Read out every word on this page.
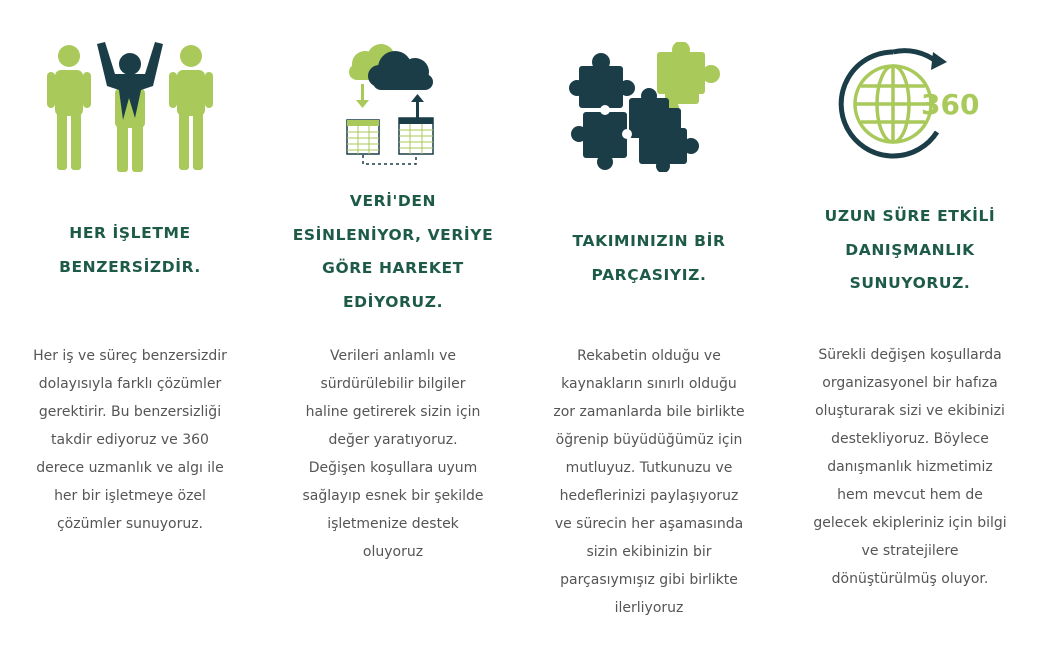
HER İŞLETME
BENZERSİZDİR.

Her iş ve süreç benzersizdir
dolayısıyla farklı çözümler
gerektirir. Bu benzersizliği
takdir ediyoruz ve 360
derece uzmanlık ve algı ile
her bir işletmeye özel
çözümler sunuyoruz.

VERİ'DEN
ESİNLENİYOR, VERİYE
GÖRE HAREKET
EDİYORUZ.

Verileri anlamlı ve
sürdürülebilir bilgiler
haline getirerek sizin için
değer yaratıyoruz.
Değişen koşullara uyum
sağlayıp esnek bir şekilde
işletmenize destek
oluyoruz

TAKIMINIZIN BİR
PARÇASIYIZ.

Rekabetin olduğu ve
kaynakların sınırlı olduğu
zor zamanlarda bile birlikte
öğrenip büyüdüğümüz için
mutluyuz. Tutkunuzu ve
hedeflerinizi paylaşıyoruz
ve sürecin her aşamasında
sizin ekibinizin bir
parçasıymışız gibi birlikte
ilerliyoruz

360
UZUN SÜRE ETKİLİ
DANIŞMANLIK
SUNUYORUZ.

Sürekli değişen koşullarda
organizasyonel bir hafıza
oluşturarak sizi ve ekibinizi
destekliyoruz. Böylece
danışmanlık hizmetimiz
hem mevcut hem de
gelecek ekipleriniz için bilgi
ve stratejilere
dönüştürülmüş oluyor.
